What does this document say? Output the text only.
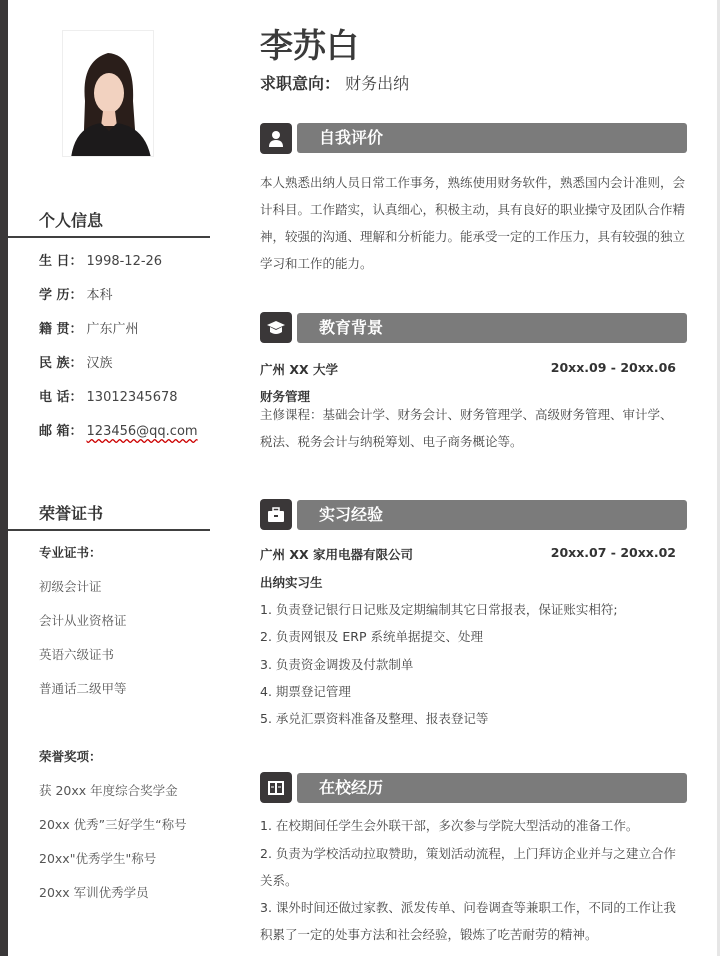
个人信息
生 日： 1998-12-26
学 历： 本科
籍 贯： 广东广州
民 族： 汉族
电 话： 13012345678
邮 箱： 123456@qq.com
荣誉证书
专业证书：
初级会计证
会计从业资格证
英语六级证书
普通话二级甲等
荣誉奖项：
获 20xx 年度综合奖学金
20xx 优秀”三好学生“称号
20xx"优秀学生"称号
20xx 军训优秀学员
李苏白
求职意向： 财务出纳
自我评价
本人熟悉出纳人员日常工作事务，熟练使用财务软件，熟悉国内会计准则，会计科目。工作踏实，认真细心，积极主动，具有良好的职业操守及团队合作精神，较强的沟通、理解和分析能力。能承受一定的工作压力，具有较强的独立学习和工作的能力。
教育背景
广州 XX 大学	20xx.09 - 20xx.06
财务管理
主修课程：基础会计学、财务会计、财务管理学、高级财务管理、审计学、税法、税务会计与纳税筹划、电子商务概论等。
实习经验
广州 XX 家用电器有限公司	20xx.07 - 20xx.02
出纳实习生
1. 负责登记银行日记账及定期编制其它日常报表，保证账实相符;
2. 负责网银及 ERP 系统单据提交、处理
3. 负责资金调拨及付款制单
4. 期票登记管理
5. 承兑汇票资料准备及整理、报表登记等
在校经历
1. 在校期间任学生会外联干部，多次参与学院大型活动的准备工作。
2. 负责为学校活动拉取赞助，策划活动流程，上门拜访企业并与之建立合作关系。
3. 课外时间还做过家教、派发传单、问卷调查等兼职工作，不同的工作让我积累了一定的处事方法和社会经验，锻炼了吃苦耐劳的精神。
